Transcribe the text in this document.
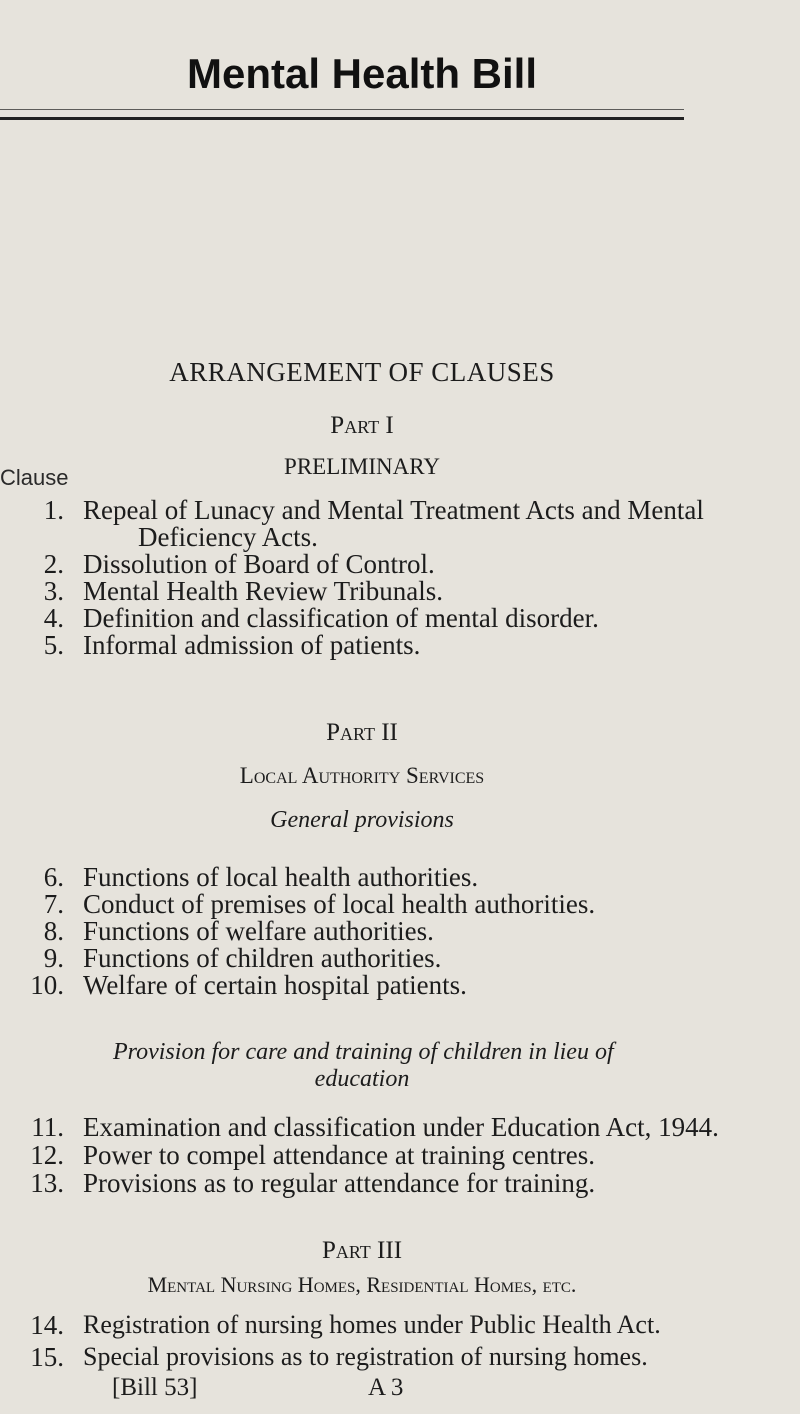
Mental Health Bill
ARRANGEMENT OF CLAUSES
Part I
PRELIMINARY
Clause
1. Repeal of Lunacy and Mental Treatment Acts and Mental
Deficiency Acts.
2. Dissolution of Board of Control.
3. Mental Health Review Tribunals.
4. Definition and classification of mental disorder.
5. Informal admission of patients.
Part II
Local Authority Services
General provisions
6. Functions of local health authorities.
7. Conduct of premises of local health authorities.
8. Functions of welfare authorities.
9. Functions of children authorities.
10. Welfare of certain hospital patients.
Provision for care and training of children in lieu of
education
11. Examination and classification under Education Act, 1944.
12. Power to compel attendance at training centres.
13. Provisions as to regular attendance for training.
Part III
Mental Nursing Homes, Residential Homes, etc.
14. Registration of nursing homes under Public Health Act.
15. Special provisions as to registration of nursing homes.
[Bill 53]	A 3
